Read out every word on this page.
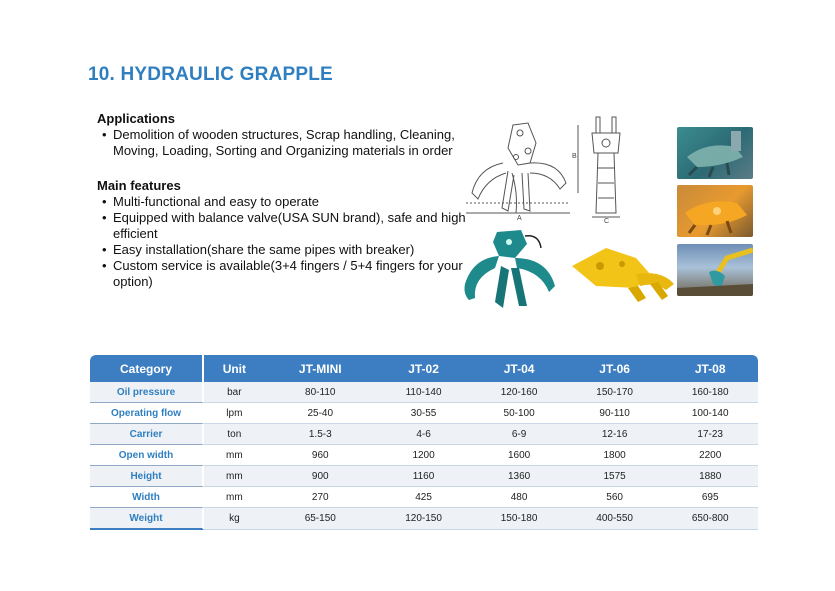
10. HYDRAULIC GRAPPLE
Applications
• Demolition of wooden structures, Scrap handling, Cleaning, Moving, Loading, Sorting and Organizing materials in order
Main features
• Multi-functional and easy to operate
• Equipped with balance valve(USA SUN brand), safe and high efficient
• Easy installation(share the same pipes with breaker)
• Custom service is available(3+4 fingers / 5+4 fingers for your option)
A
B
C
Category	Unit	JT-MINI	JT-02	JT-04	JT-06	JT-08
Oil pressure	bar	80-110	110-140	120-160	150-170	160-180
Operating flow	lpm	25-40	30-55	50-100	90-110	100-140
Carrier	ton	1.5-3	4-6	6-9	12-16	17-23
Open width	mm	960	1200	1600	1800	2200
Height	mm	900	1160	1360	1575	1880
Width	mm	270	425	480	560	695
Weight	kg	65-150	120-150	150-180	400-550	650-800
